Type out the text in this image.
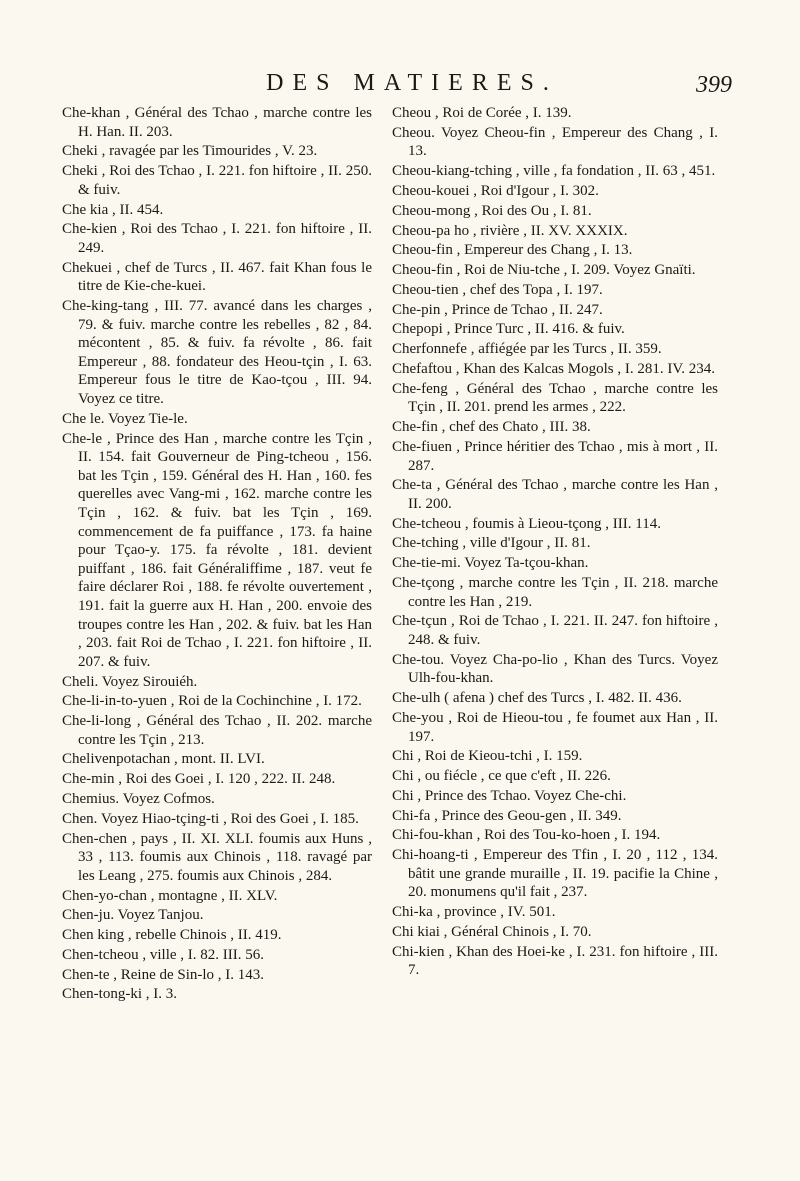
DES MATIERES.	399

Che-khan , Général des Tchao , marche contre les H. Han. II. 203.

Cheki , ravagée par les Timourides , V. 23.

Cheki , Roi des Tchao , I. 221. fon hiftoire , II. 250. & fuiv.

Che kia , II. 454.

Che-kien , Roi des Tchao , I. 221. fon hiftoire , II. 249.

Chekuei , chef de Turcs , II. 467. fait Khan fous le titre de Kie-che-kuei.

Che-king-tang , III. 77. avancé dans les charges , 79. & fuiv. marche contre les rebelles , 82 , 84. mécontent , 85. & fuiv. fa révolte , 86. fait Empereur , 88. fondateur des Heou-tçin , I. 63. Empereur fous le titre de Kao-tçou , III. 94. Voyez ce titre.

Che le. Voyez Tie-le.

Che-le , Prince des Han , marche contre les Tçin , II. 154. fait Gouverneur de Ping-tcheou , 156. bat les Tçin , 159. Général des H. Han , 160. fes querelles avec Vang-mi , 162. marche contre les Tçin , 162. & fuiv. bat les Tçin , 169. commencement de fa puiffance , 173. fa haine pour Tçao-y. 175. fa révolte , 181. devient puiffant , 186. fait Généraliffime , 187. veut fe faire déclarer Roi , 188. fe révolte ouvertement , 191. fait la guerre aux H. Han , 200. envoie des troupes contre les Han , 202. & fuiv. bat les Han , 203. fait Roi de Tchao , I. 221. fon hiftoire , II. 207. & fuiv.

Cheli. Voyez Sirouiéh.

Che-li-in-to-yuen , Roi de la Cochinchine , I. 172.

Che-li-long , Général des Tchao , II. 202. marche contre les Tçin , 213.

Chelivenpotachan , mont. II. LVI.

Che-min , Roi des Goei , I. 120 , 222. II. 248.

Chemius. Voyez Cofmos.

Chen. Voyez Hiao-tçing-ti , Roi des Goei , I. 185.

Chen-chen , pays , II. XI. XLI. foumis aux Huns , 33 , 113. foumis aux Chinois , 118. ravagé par les Leang , 275. foumis aux Chinois , 284.

Chen-yo-chan , montagne , II. XLV.

Chen-ju. Voyez Tanjou.

Chen king , rebelle Chinois , II. 419.

Chen-tcheou , ville , I. 82. III. 56.

Chen-te , Reine de Sin-lo , I. 143.

Chen-tong-ki , I. 3.

Cheou , Roi de Corée , I. 139.

Cheou. Voyez Cheou-fin , Empereur des Chang , I. 13.

Cheou-kiang-tching , ville , fa fondation , II. 63 , 451.

Cheou-kouei , Roi d'Igour , I. 302.

Cheou-mong , Roi des Ou , I. 81.

Cheou-pa ho , rivière , II. XV. XXXIX.

Cheou-fin , Empereur des Chang , I. 13.

Cheou-fin , Roi de Niu-tche , I. 209. Voyez Gnaïti.

Cheou-tien , chef des Topa , I. 197.

Che-pin , Prince de Tchao , II. 247.

Chepopi , Prince Turc , II. 416. & fuiv.

Cherfonnefe , affiégée par les Turcs , II. 359.

Chefaftou , Khan des Kalcas Mogols , I. 281. IV. 234.

Che-feng , Général des Tchao , marche contre les Tçin , II. 201. prend les armes , 222.

Che-fin , chef des Chato , III. 38.

Che-fiuen , Prince héritier des Tchao , mis à mort , II. 287.

Che-ta , Général des Tchao , marche contre les Han , II. 200.

Che-tcheou , foumis à Lieou-tçong , III. 114.

Che-tching , ville d'Igour , II. 81.

Che-tie-mi. Voyez Ta-tçou-khan.

Che-tçong , marche contre les Tçin , II. 218. marche contre les Han , 219.

Che-tçun , Roi de Tchao , I. 221. II. 247. fon hiftoire , 248. & fuiv.

Che-tou. Voyez Cha-po-lio , Khan des Turcs. Voyez Ulh-fou-khan.

Che-ulh ( afena ) chef des Turcs , I. 482. II. 436.

Che-you , Roi de Hieou-tou , fe foumet aux Han , II. 197.

Chi , Roi de Kieou-tchi , I. 159.

Chi , ou fiécle , ce que c'eft , II. 226.

Chi , Prince des Tchao. Voyez Che-chi.

Chi-fa , Prince des Geou-gen , II. 349.

Chi-fou-khan , Roi des Tou-ko-hoen , I. 194.

Chi-hoang-ti , Empereur des Tfin , I. 20 , 112 , 134. bâtit une grande muraille , II. 19. pacifie la Chine , 20. monumens qu'il fait , 237.

Chi-ka , province , IV. 501.

Chi kiai , Général Chinois , I. 70.

Chi-kien , Khan des Hoei-ke , I. 231. fon hiftoire , III. 7.
